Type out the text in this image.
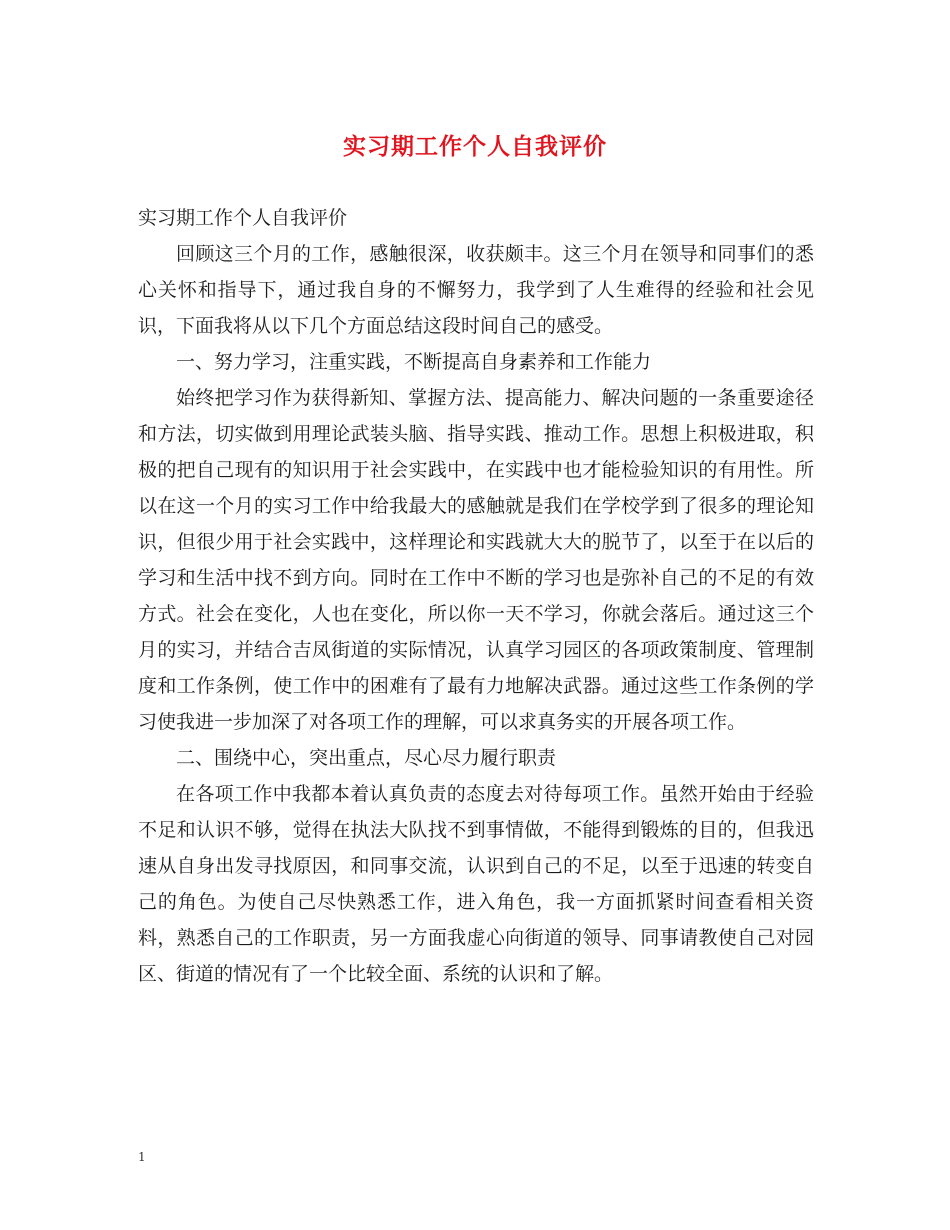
实习期工作个人自我评价

实习期工作个人自我评价

回顾这三个月的工作，感触很深，收获颇丰。这三个月在领导和同事们的悉心关怀和指导下，通过我自身的不懈努力，我学到了人生难得的经验和社会见识，下面我将从以下几个方面总结这段时间自己的感受。

一、努力学习，注重实践，不断提高自身素养和工作能力

始终把学习作为获得新知、掌握方法、提高能力、解决问题的一条重要途径和方法，切实做到用理论武装头脑、指导实践、推动工作。思想上积极进取，积极的把自己现有的知识用于社会实践中，在实践中也才能检验知识的有用性。所以在这一个月的实习工作中给我最大的感触就是我们在学校学到了很多的理论知识，但很少用于社会实践中，这样理论和实践就大大的脱节了，以至于在以后的学习和生活中找不到方向。同时在工作中不断的学习也是弥补自己的不足的有效方式。社会在变化，人也在变化，所以你一天不学习，你就会落后。通过这三个月的实习，并结合吉凤街道的实际情况，认真学习园区的各项政策制度、管理制度和工作条例，使工作中的困难有了最有力地解决武器。通过这些工作条例的学习使我进一步加深了对各项工作的理解，可以求真务实的开展各项工作。

二、围绕中心，突出重点，尽心尽力履行职责

在各项工作中我都本着认真负责的态度去对待每项工作。虽然开始由于经验不足和认识不够，觉得在执法大队找不到事情做，不能得到锻炼的目的，但我迅速从自身出发寻找原因，和同事交流，认识到自己的不足，以至于迅速的转变自己的角色。为使自己尽快熟悉工作，进入角色，我一方面抓紧时间查看相关资料，熟悉自己的工作职责，另一方面我虚心向街道的领导、同事请教使自己对园区、街道的情况有了一个比较全面、系统的认识和了解。

1
